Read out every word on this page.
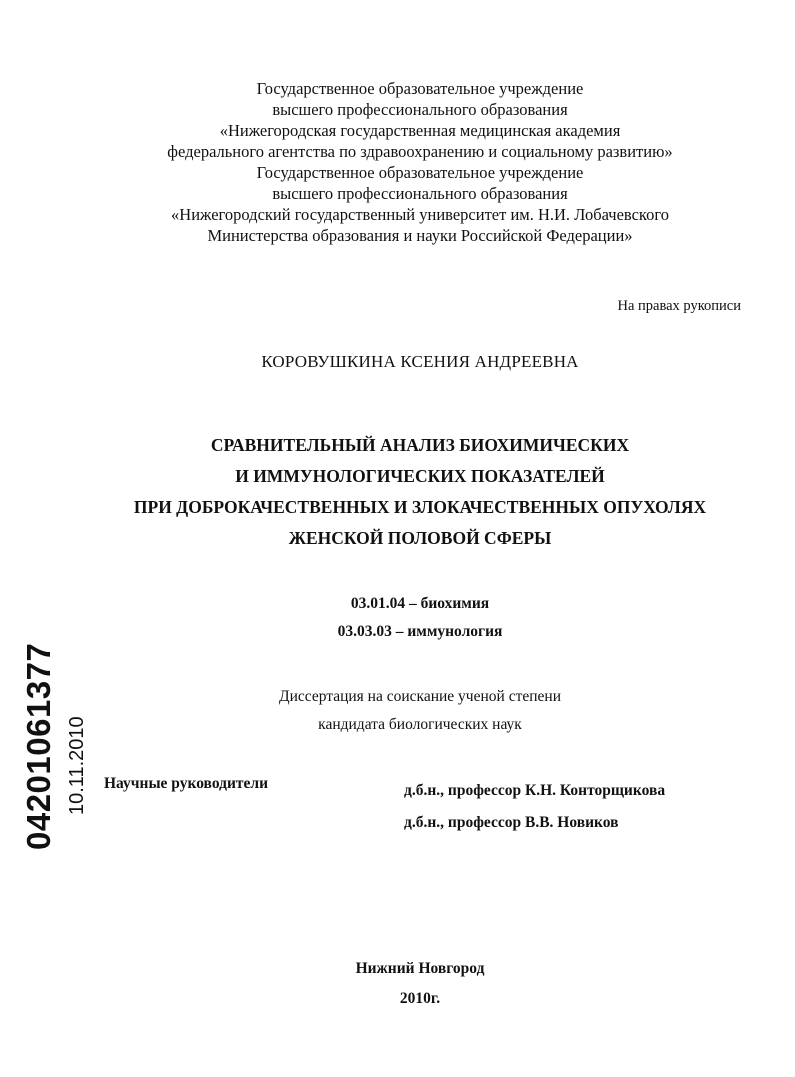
Государственное образовательное учреждение
высшего профессионального образования
«Нижегородская государственная медицинская академия
федерального агентства по здравоохранению и социальному развитию»
Государственное образовательное учреждение
высшего профессионального образования
«Нижегородский государственный университет им. Н.И. Лобачевского
Министерства образования и науки Российской Федерации»
На правах рукописи
КОРОВУШКИНА КСЕНИЯ АНДРЕЕВНА
СРАВНИТЕЛЬНЫЙ АНАЛИЗ БИОХИМИЧЕСКИХ
И ИММУНОЛОГИЧЕСКИХ ПОКАЗАТЕЛЕЙ
ПРИ ДОБРОКАЧЕСТВЕННЫХ И ЗЛОКАЧЕСТВЕННЫХ ОПУХОЛЯХ
ЖЕНСКОЙ ПОЛОВОЙ СФЕРЫ
03.01.04 – биохимия
03.03.03 – иммунология
Диссертация на соискание ученой степени
кандидата биологических наук
Научные руководители	д.б.н., профессор К.Н. Конторщикова
д.б.н., профессор В.В. Новиков
Нижний Новгород
2010г.
04201061377 10.11.2010
